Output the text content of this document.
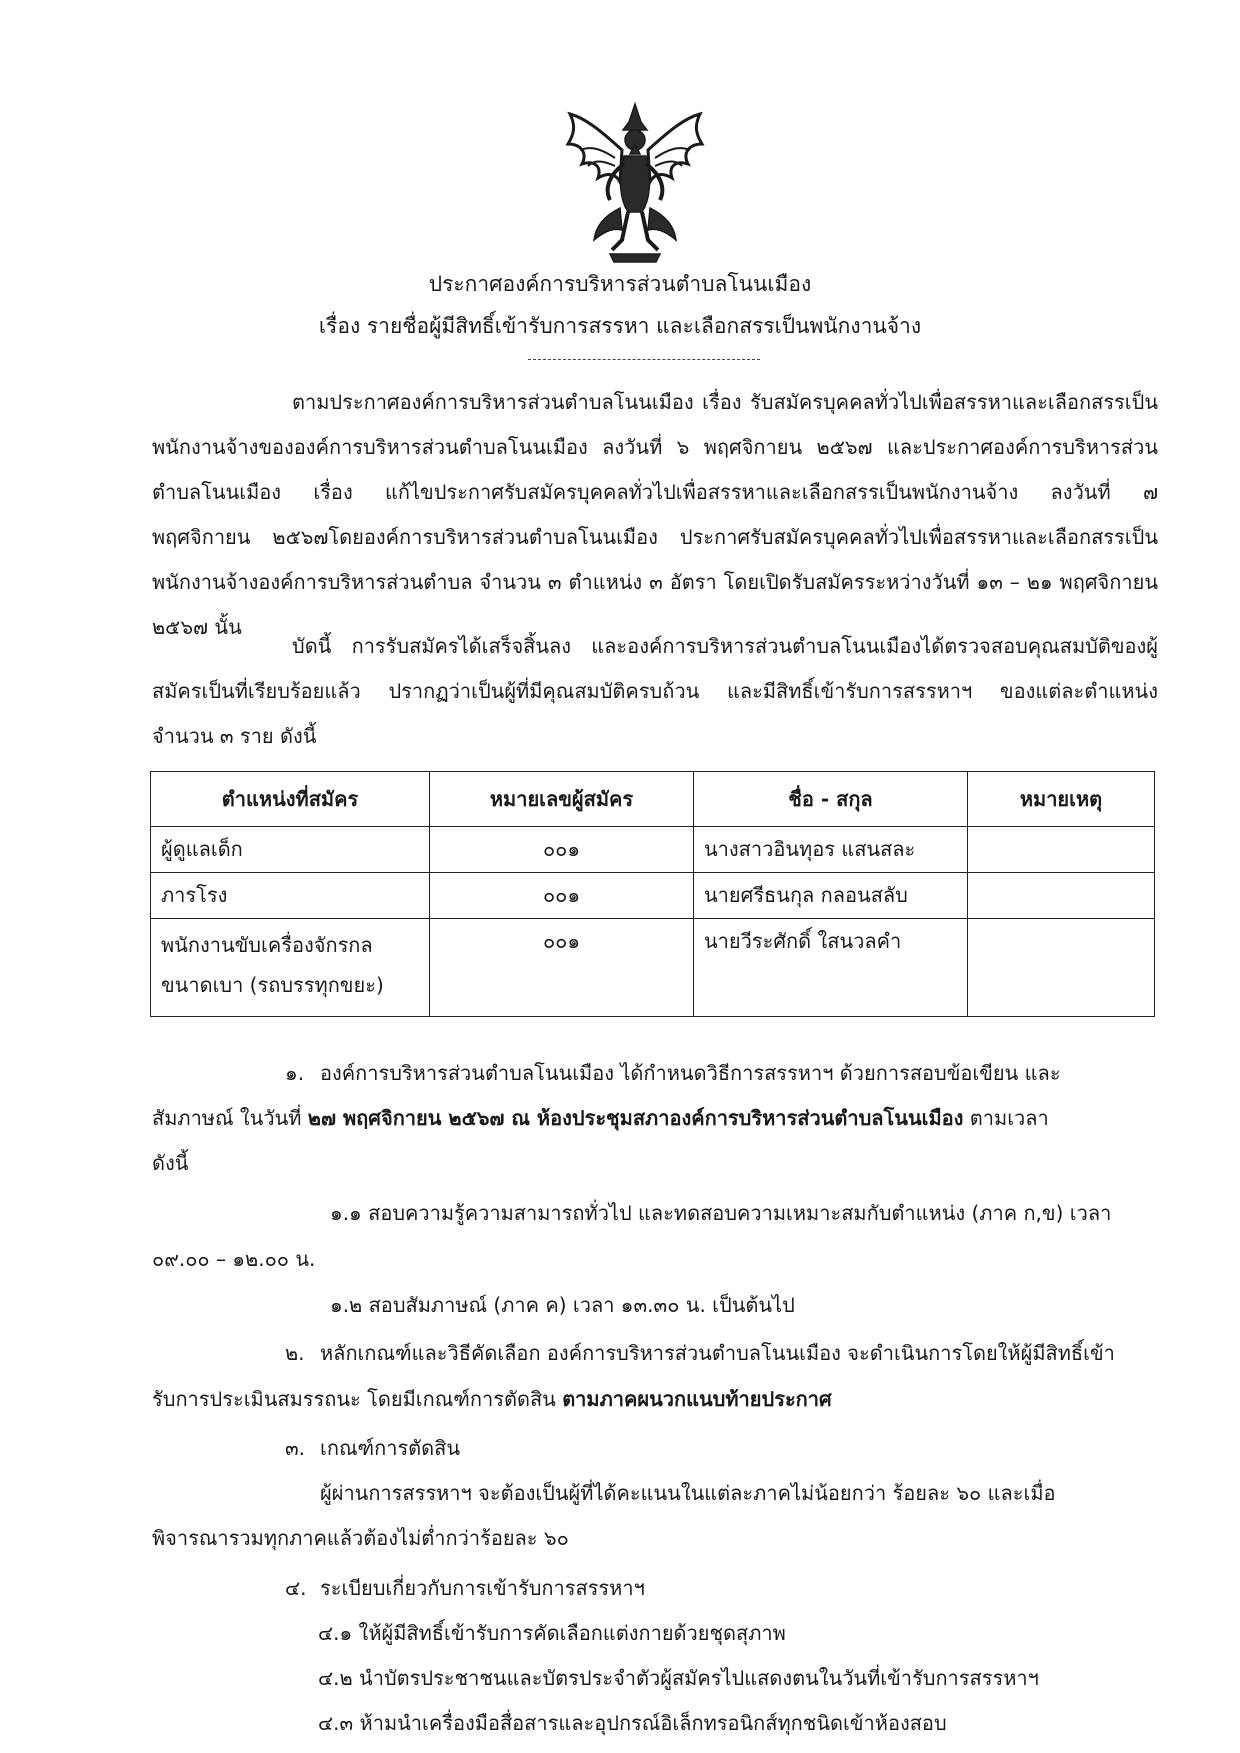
ประกาศองค์การบริหารส่วนตำบลโนนเมือง
เรื่อง รายชื่อผู้มีสิทธิ์เข้ารับการสรรหา และเลือกสรรเป็นพนักงานจ้าง
ตามประกาศองค์การบริหารส่วนตำบลโนนเมือง เรื่อง รับสมัครบุคคลทั่วไปเพื่อสรรหาและเลือกสรรเป็นพนักงานจ้างขององค์การบริหารส่วนตำบลโนนเมือง ลงวันที่ ๖ พฤศจิกายน ๒๕๖๗ และประกาศองค์การบริหารส่วนตำบลโนนเมือง เรื่อง แก้ไขประกาศรับสมัครบุคคลทั่วไปเพื่อสรรหาและเลือกสรรเป็นพนักงานจ้าง ลงวันที่ ๗ พฤศจิกายน ๒๕๖๗โดยองค์การบริหารส่วนตำบลโนนเมือง ประกาศรับสมัครบุคคลทั่วไปเพื่อสรรหาและเลือกสรรเป็นพนักงานจ้างองค์การบริหารส่วนตำบล จำนวน ๓ ตำแหน่ง ๓ อัตรา โดยเปิดรับสมัครระหว่างวันที่ ๑๓ – ๒๑ พฤศจิกายน ๒๕๖๗ นั้น
บัดนี้ การรับสมัครได้เสร็จสิ้นลง และองค์การบริหารส่วนตำบลโนนเมืองได้ตรวจสอบคุณสมบัติของผู้สมัครเป็นที่เรียบร้อยแล้ว ปรากฏว่าเป็นผู้ที่มีคุณสมบัติครบถ้วน และมีสิทธิ์เข้ารับการสรรหาฯ ของแต่ละตำแหน่ง จำนวน ๓ ราย ดังนี้
ตำแหน่งที่สมัคร	หมายเลขผู้สมัคร	ชื่อ - สกุล	หมายเหตุ
ผู้ดูแลเด็ก	๐๐๑	นางสาวอินทุอร แสนสละ	
ภารโรง	๐๐๑	นายศรีธนกุล กลอนสลับ	
พนักงานขับเครื่องจักรกลขนาดเบา (รถบรรทุกขยะ)	๐๐๑	นายวีระศักดิ์ ใสนวลคำ	
๑. องค์การบริหารส่วนตำบลโนนเมือง ได้กำหนดวิธีการสรรหาฯ ด้วยการสอบข้อเขียน และ
สัมภาษณ์ ในวันที่ ๒๗ พฤศจิกายน ๒๕๖๗ ณ ห้องประชุมสภาองค์การบริหารส่วนตำบลโนนเมือง ตามเวลา
ดังนี้
๑.๑ สอบความรู้ความสามารถทั่วไป และทดสอบความเหมาะสมกับตำแหน่ง (ภาค ก,ข) เวลา
๐๙.๐๐ – ๑๒.๐๐ น.
๑.๒ สอบสัมภาษณ์ (ภาค ค) เวลา ๑๓.๓๐ น. เป็นต้นไป
๒. หลักเกณฑ์และวิธีคัดเลือก องค์การบริหารส่วนตำบลโนนเมือง จะดำเนินการโดยให้ผู้มีสิทธิ์เข้า
รับการประเมินสมรรถนะ โดยมีเกณฑ์การตัดสิน ตามภาคผนวกแนบท้ายประกาศ
๓. เกณฑ์การตัดสิน
ผู้ผ่านการสรรหาฯ จะต้องเป็นผู้ที่ได้คะแนนในแต่ละภาคไม่น้อยกว่า ร้อยละ ๖๐ และเมื่อ
พิจารณารวมทุกภาคแล้วต้องไม่ต่ำกว่าร้อยละ ๖๐
๔. ระเบียบเกี่ยวกับการเข้ารับการสรรหาฯ
๔.๑ ให้ผู้มีสิทธิ์เข้ารับการคัดเลือกแต่งกายด้วยชุดสุภาพ
๔.๒ นำบัตรประชาชนและบัตรประจำตัวผู้สมัครไปแสดงตนในวันที่เข้ารับการสรรหาฯ
๔.๓ ห้ามนำเครื่องมือสื่อสารและอุปกรณ์อิเล็กทรอนิกส์ทุกชนิดเข้าห้องสอบ
